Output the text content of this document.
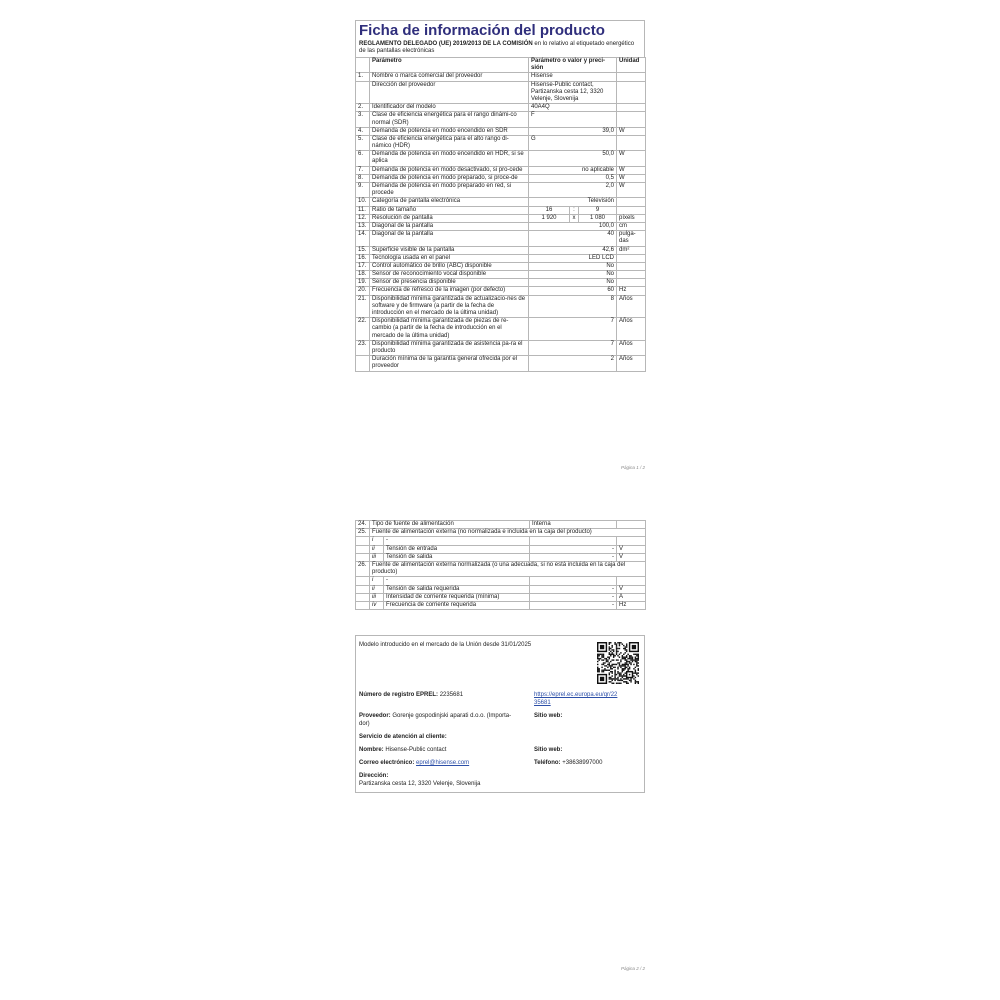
Ficha de información del producto
REGLAMENTO DELEGADO (UE) 2019/2013 DE LA COMISIÓN en lo relativo al etiquetado energético de las pantallas electrónicas
	Parámetro	Parámetro o valor y preci-sión	Unidad
1.	Nombre o marca comercial del proveedor	Hisense	
	Dirección del proveedor	Hisense-Public contact, Partizanska cesta 12, 3320 Velenje, Slovenija	
2.	Identificador del modelo	40A4Q	
3.	Clase de eficiencia energética para el rango dinámi-co normal (SDR)	F	
4.	Demanda de potencia en modo encendido en SDR	39,0	W
5.	Clase de eficiencia energética para el alto rango di-námico (HDR)	G	
6.	Demanda de potencia en modo encendido en HDR, si se aplica	50,0	W
7.	Demanda de potencia en modo desactivado, si pro-cede	no aplicable	W
8.	Demanda de potencia en modo preparado, si proce-de	0,5	W
9.	Demanda de potencia en modo preparado en red, si procede	2,0	W
10.	Categoría de pantalla electrónica	Televisión	
11.	Ratio de tamaño	16 : 9	

12.	Resolución de pantalla	1 920 x 1 080	píxels
13.	Diagonal de la pantalla	100,0	cm
14.	Diagonal de la pantalla	40	pulga-das
15.	Superficie visible de la pantalla	42,6	dm²
16.	Tecnología usada en el panel	LED LCD	
17.	Control automático de brillo (ABC) disponible	No	
18.	Sensor de reconocimiento vocal disponible	No	
19.	Sensor de presencia disponible	No	
20.	Frecuencia de refresco de la imagen (por defecto)	60	Hz
21.	Disponibilidad mínima garantizada de actualizacio-nes de software y de firmware (a partir de la fecha de introducción en el mercado de la última unidad)	8	Años
22.	Disponibilidad mínima garantizada de piezas de re-cambio (a partir de la fecha de introducción en el mercado de la última unidad)	7	Años
23.	Disponibilidad mínima garantizada de asistencia pa-ra el producto	7	Años
	Duración mínima de la garantía general ofrecida por el proveedor	2	Años
Página 1 / 2
24.	Tipo de fuente de alimentación		Interna	
25.	Fuente de alimentación externa (no normalizada e incluida en la caja del producto)			
	i	-		
	ii	Tensión de entrada	-	V
	iii	Tensión de salida	-	V
26.	Fuente de alimentación externa normalizada (o una adecuada, si no está incluida en la caja del producto)			
	i	-		
	ii	Tensión de salida requerida	-	V
	iii	Intensidad de corriente requerida (mínima)	-	A
	iv	Frecuencia de corriente requerida	-	Hz
Modelo introducido en el mercado de la Unión desde 31/01/2025
Número de registro EPREL: 2235681	https://eprel.ec.europa.eu/qr/22
35681
Proveedor: Gorenje gospodinjski aparati d.o.o. (Importa-
dor)
Sitio web:
Servicio de atención al cliente:
Nombre: Hisense-Public contact	Sitio web:
Correo electrónico: eprel@hisense.com	Teléfono: +38638997000
Dirección:
Partizanska cesta 12, 3320 Velenje, Slovenija
Página 2 / 2
